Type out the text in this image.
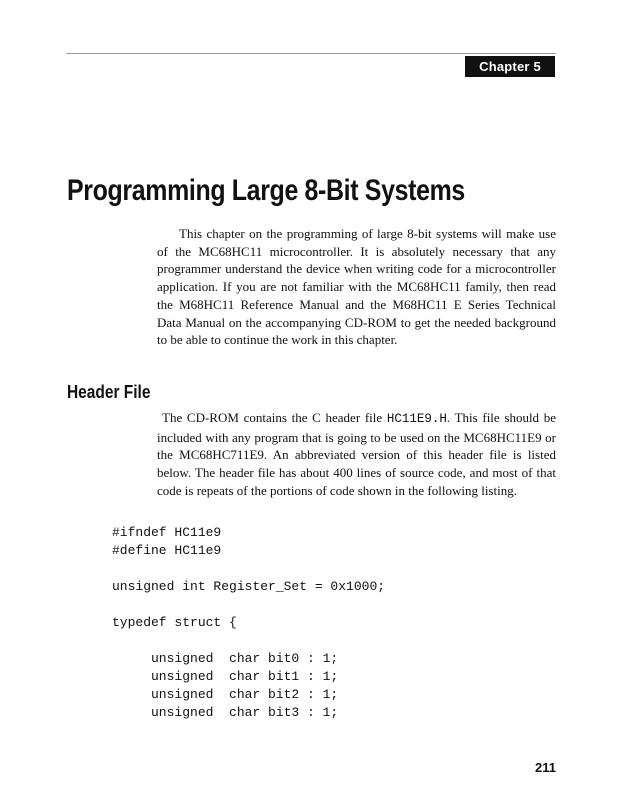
Chapter 5
Programming Large 8-Bit Systems

This chapter on the programming of large 8-bit systems will make use of the MC68HC11 microcontroller. It is absolutely necessary that any programmer understand the device when writing code for a microcontroller application. If you are not familiar with the MC68HC11 family, then read the M68HC11 Reference Manual and the M68HC11 E Series Technical Data Manual on the accompanying CD-ROM to get the needed background to be able to continue the work in this chapter.

Header File

The CD-ROM contains the C header file HC11E9.H. This file should be included with any program that is going to be used on the MC68HC11E9 or the MC68HC711E9. An abbreviated version of this header file is listed below. The header file has about 400 lines of source code, and most of that code is repeats of the portions of code shown in the following listing.

#ifndef HC11e9
#define HC11e9
unsigned int Register_Set = 0x1000;
typedef struct {
unsigned  char bit0 : 1;
unsigned  char bit1 : 1;
unsigned  char bit2 : 1;
unsigned  char bit3 : 1;
211
